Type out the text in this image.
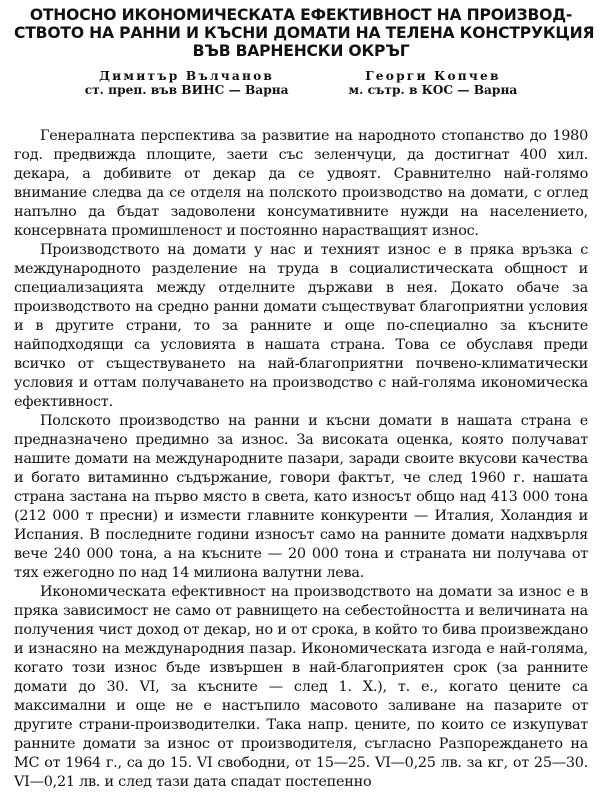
ОТНОСНО ИКОНОМИЧЕСКАТА ЕФЕКТИВНОСТ НА ПРОИЗВОД-
СТВОТО НА РАННИ И КЪСНИ ДОМАТИ НА ТЕЛЕНА КОНСТРУКЦИЯ
ВЪВ ВАРНЕНСКИ ОКРЪГ
Димитър Вълчанов
ст. преп. във ВИНС — Варна
Георги Копчев
м. сътр. в КОС — Варна

Генералната перспектива за развитие на народното стопанство до 1980 год. предвижда площите, заети със зеленчуци, да достигнат 400 хил. декара, а добивите от декар да се удвоят. Сравнително най-голямо внимание следва да се отделя на полското производство на домати, с оглед напълно да бъдат задоволени консумативните нужди на населението, консервната промишленост и постоянно нарастващият износ.

Производството на домати у нас и техният износ е в пряка връзка с международното разделение на труда в социалистическата общност и специализацията между отделните държави в нея. Докато обаче за производството на средно ранни домати съществуват благоприятни условия и в другите страни, то за ранните и още по-специално за късните найподходящи са условията в нашата страна. Това се обуславя преди всичко от съществуването на най-благоприятни почвено-климатически условия и оттам получаването на производство с най-голяма икономическа ефективност.

Полското производство на ранни и късни домати в нашата страна е предназначено предимно за износ. За високата оценка, която получават нашите домати на международните пазари, заради своите вкусови качества и богато витаминно съдържание, говори фактът, че след 1960 г. нашата страна застана на първо място в света, като износът общо над 413 000 тона (212 000 т пресни) и измести главните конкуренти — Италия, Холандия и Испания. В последните години износът само на ранните домати надхвърля вече 240 000 тона, а на късните — 20 000 тона и страната ни получава от тях ежегодно по над 14 милиона валутни лева.

Икономическата ефективност на производството на домати за износ е в пряка зависимост не само от равнището на себестойността и величината на получения чист доход от декар, но и от срока, в който то бива произвеждано и изнасяно на международния пазар. Икономическата изгода е най-голяма, когато този износ бъде извършен в най-благоприятен срок (за ранните домати до 30. VI, за късните — след 1. X.), т. е., когато цените са максимални и още не е настъпило масовото заливане на пазарите от другите страни-производителки. Така напр. цените, по които се изкупуват ранните домати за износ от производителя, съгласно Разпореждането на МС от 1964 г., са до 15. VI свободни, от 15—25. VI—0,25 лв. за кг, от 25—30. VI—0,21 лв. и след тази дата спадат постепенно
